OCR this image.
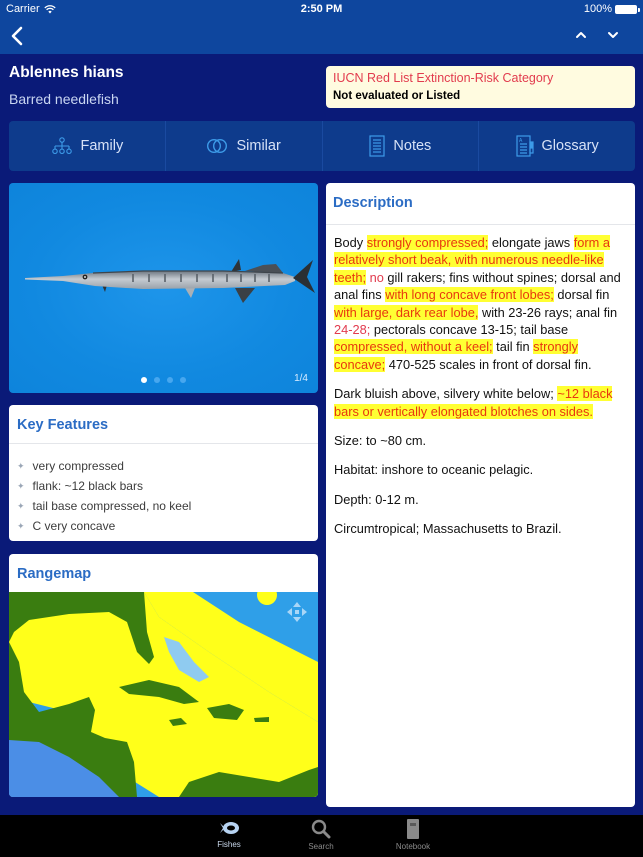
Carrier	2:50 PM	100%
Ablennes hians
Barred needlefish
IUCN Red List Extinction-Risk Category
Not evaluated or Listed
Family	Similar	Notes	A Glossary
1/4
Key Features
✦ very compressed
✦ flank: ~12 black bars
✦ tail base compressed, no keel
✦ C very concave
Rangemap
Description

Body strongly compressed; elongate jaws form a relatively short beak, with numerous needle-like teeth; no gill rakers; fins without spines; dorsal and anal fins with long concave front lobes; dorsal fin with large, dark rear lobe, with 23-26 rays; anal fin 24-28; pectorals concave 13-15; tail base compressed, without a keel; tail fin strongly concave; 470-525 scales in front of dorsal fin.

Dark bluish above, silvery white below; ~12 black bars or vertically elongated blotches on sides.

Size: to ~80 cm.

Habitat: inshore to oceanic pelagic.

Depth: 0-12 m.

Circumtropical; Massachusetts to Brazil.

Fishes	Search	Notebook
